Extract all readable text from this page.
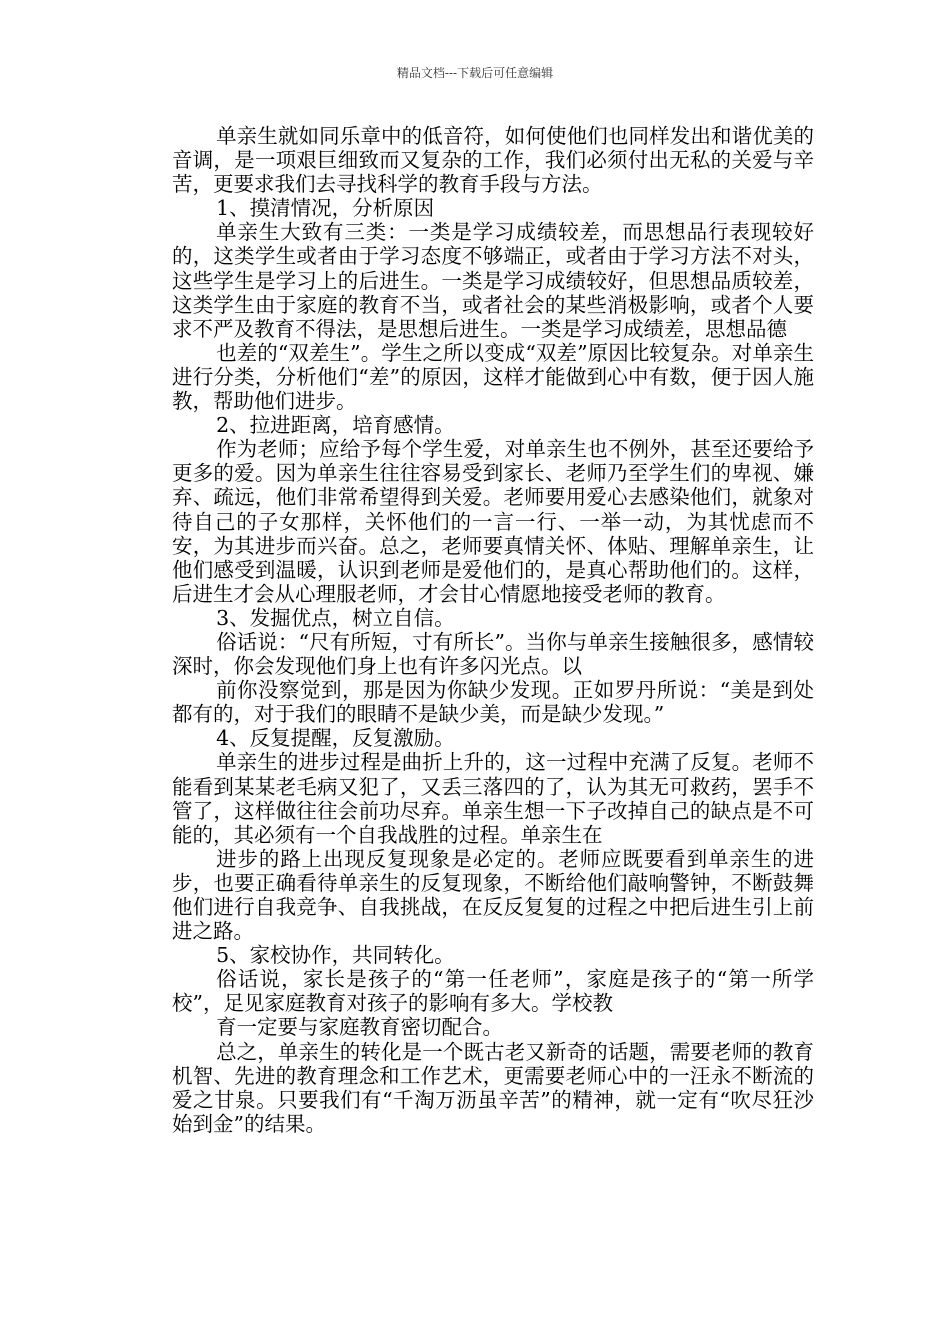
精品文档---下载后可任意编辑

单亲生就如同乐章中的低音符，如何使他们也同样发出和谐优美的音调，是一项艰巨细致而又复杂的工作，我们必须付出无私的关爱与辛苦，更要求我们去寻找科学的教育手段与方法。

1、摸清情况，分析原因

单亲生大致有三类：一类是学习成绩较差，而思想品行表现较好的，这类学生或者由于学习态度不够端正，或者由于学习方法不对头，这些学生是学习上的后进生。一类是学习成绩较好，但思想品质较差，这类学生由于家庭的教育不当，或者社会的某些消极影响，或者个人要求不严及教育不得法，是思想后进生。一类是学习成绩差，思想品德

也差的“双差生”。学生之所以变成“双差”原因比较复杂。对单亲生进行分类，分析他们“差”的原因，这样才能做到心中有数，便于因人施教，帮助他们进步。

2、拉进距离，培育感情。

作为老师；应给予每个学生爱，对单亲生也不例外，甚至还要给予更多的爱。因为单亲生往往容易受到家长、老师乃至学生们的卑视、嫌弃、疏远，他们非常希望得到关爱。老师要用爱心去感染他们，就象对待自己的子女那样，关怀他们的一言一行、一举一动，为其忧虑而不安，为其进步而兴奋。总之，老师要真情关怀、体贴、理解单亲生，让他们感受到温暖，认识到老师是爱他们的，是真心帮助他们的。这样，后进生才会从心理服老师，才会甘心情愿地接受老师的教育。

3、发掘优点，树立自信。

俗话说：“尺有所短，寸有所长”。当你与单亲生接触很多，感情较深时，你会发现他们身上也有许多闪光点。以

前你没察觉到，那是因为你缺少发现。正如罗丹所说：“美是到处都有的，对于我们的眼睛不是缺少美，而是缺少发现。”

4、反复提醒，反复激励。

单亲生的进步过程是曲折上升的，这一过程中充满了反复。老师不能看到某某老毛病又犯了，又丢三落四的了，认为其无可救药，罢手不管了，这样做往往会前功尽弃。单亲生想一下子改掉自己的缺点是不可能的，其必须有一个自我战胜的过程。单亲生在

进步的路上出现反复现象是必定的。老师应既要看到单亲生的进步，也要正确看待单亲生的反复现象，不断给他们敲响警钟，不断鼓舞他们进行自我竞争、自我挑战，在反反复复的过程之中把后进生引上前进之路。

5、家校协作，共同转化。

俗话说，家长是孩子的“第一任老师”，家庭是孩子的“第一所学校”，足见家庭教育对孩子的影响有多大。学校教

育一定要与家庭教育密切配合。

总之，单亲生的转化是一个既古老又新奇的话题，需要老师的教育机智、先进的教育理念和工作艺术，更需要老师心中的一汪永不断流的爱之甘泉。只要我们有“千淘万沥虽辛苦”的精神，就一定有“吹尽狂沙始到金”的结果。
